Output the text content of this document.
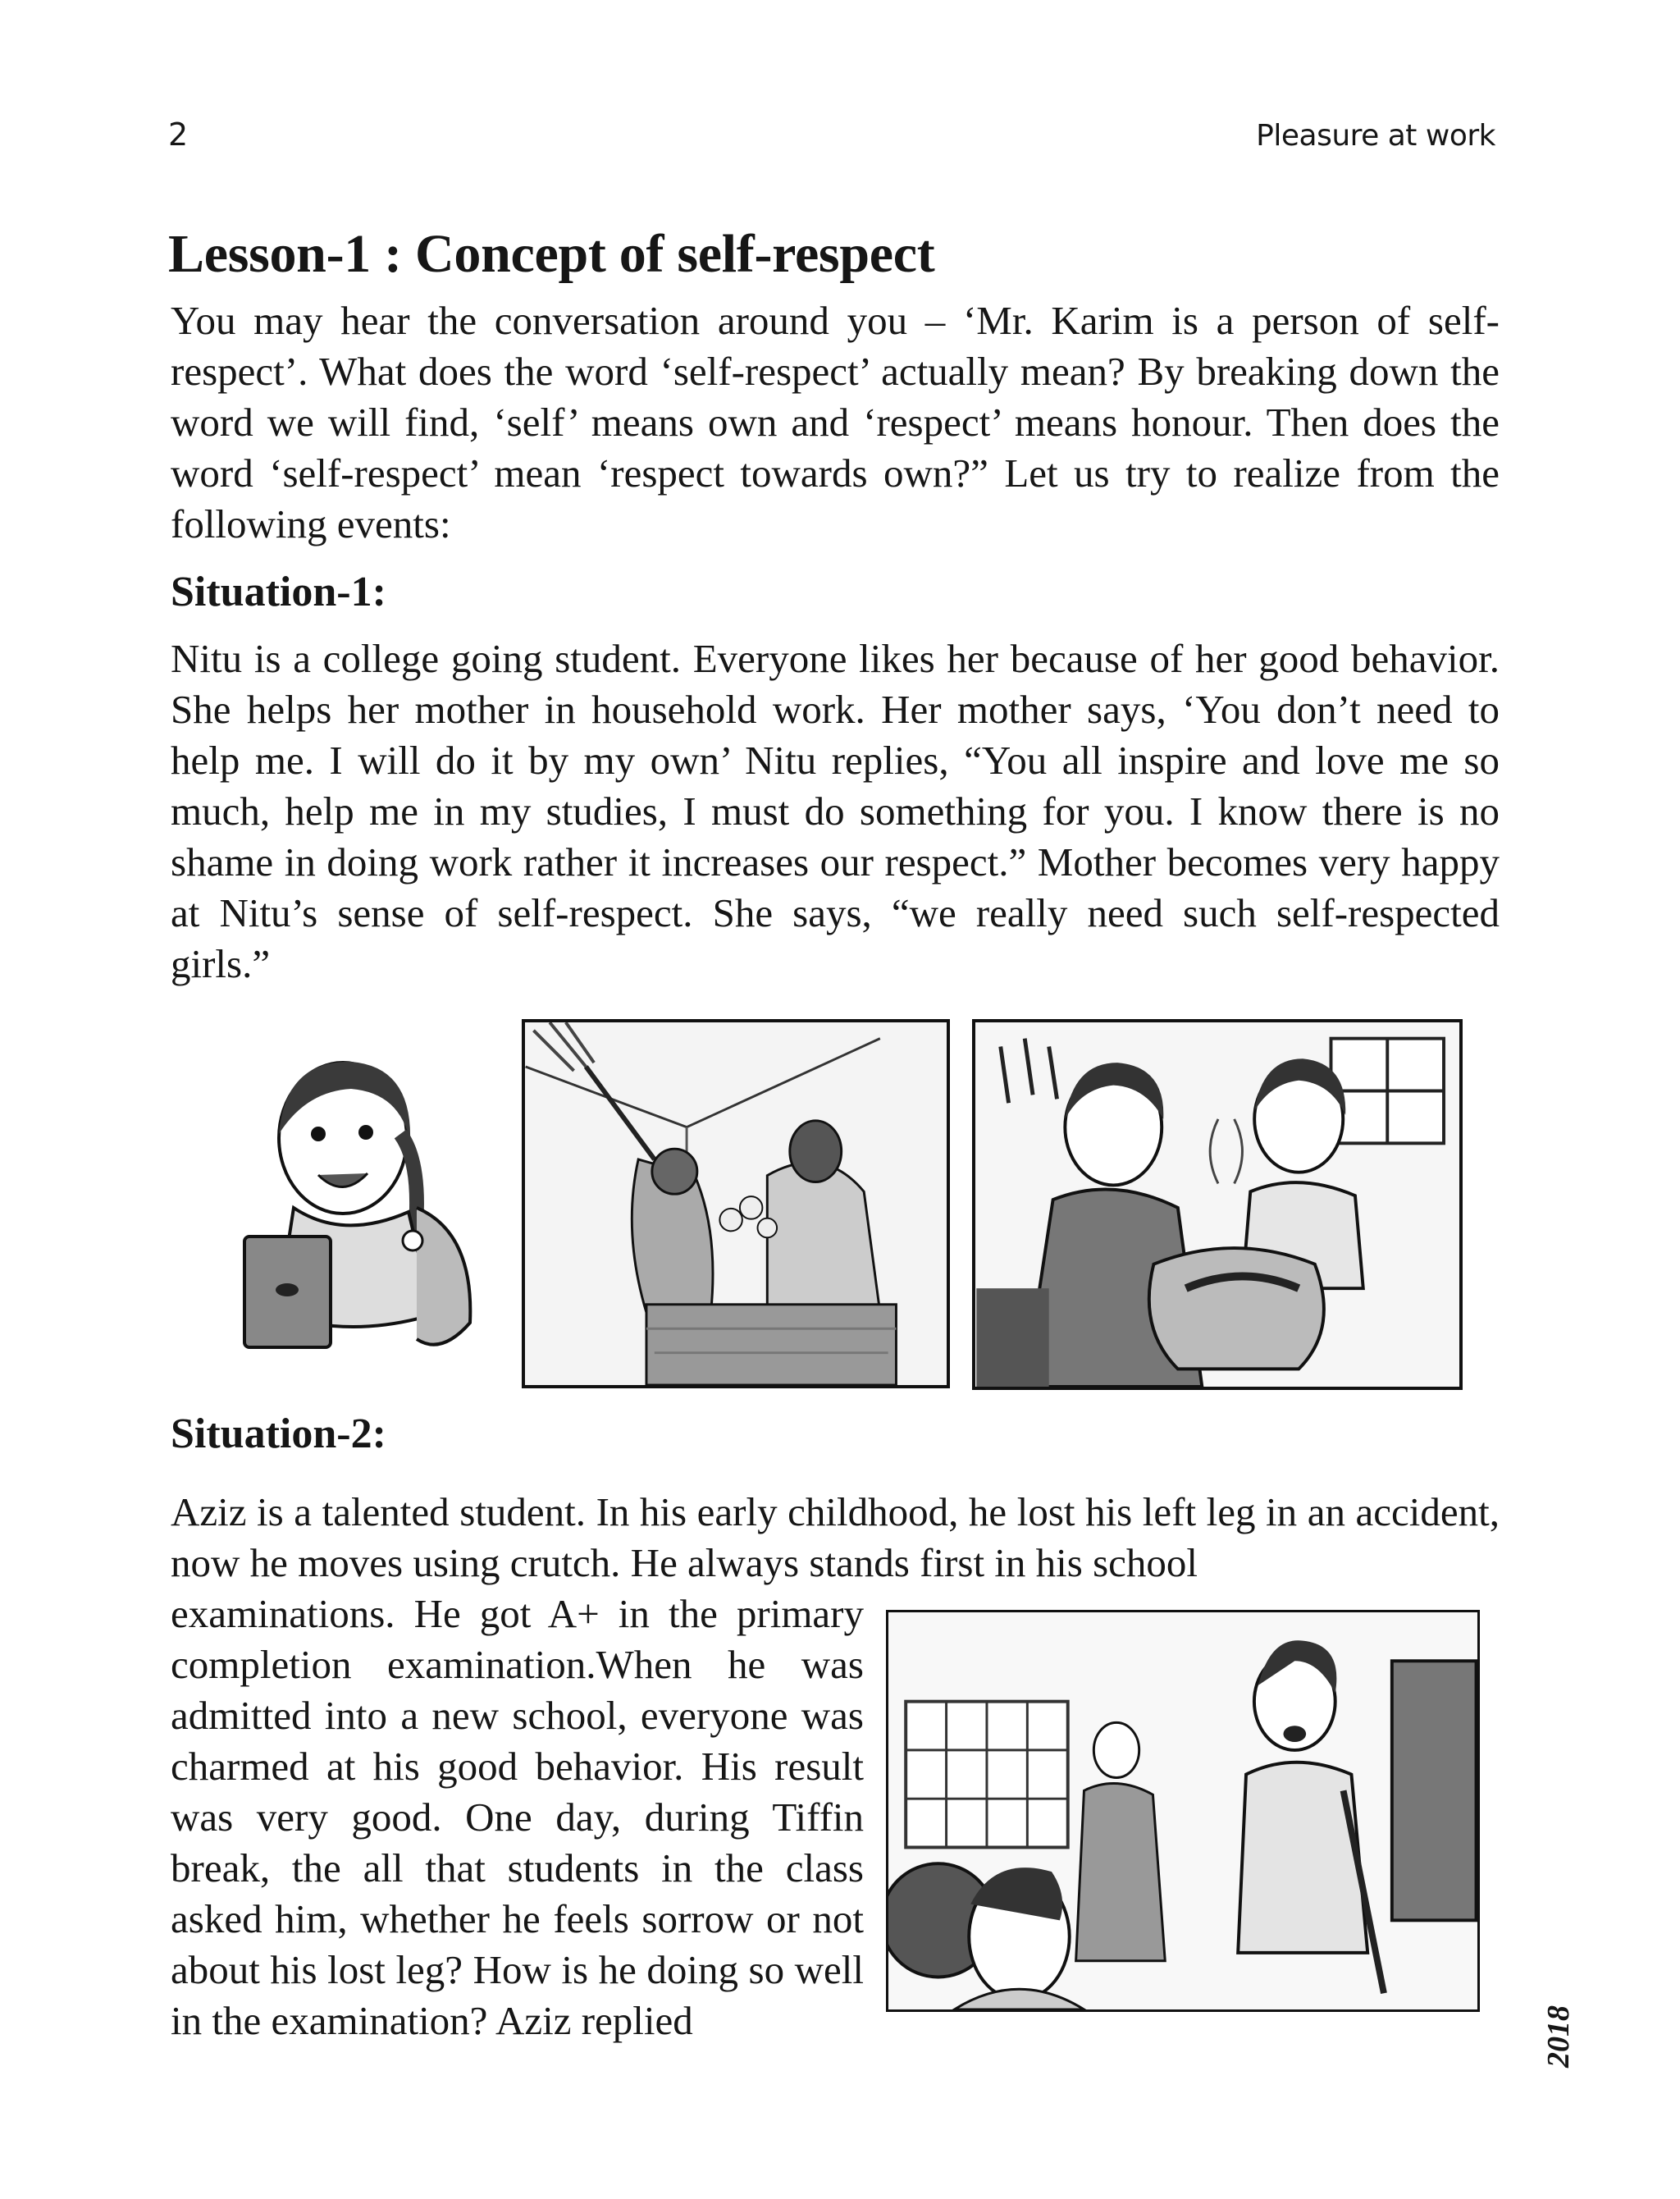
2	Pleasure at work
Lesson-1 : Concept of self-respect

You may hear the conversation around you – ‘Mr. Karim is a person of self-respect’. What does the word ‘self-respect’ actually mean? By breaking down the word we will find, ‘self’ means own and ‘respect’ means honour. Then does the word ‘self-respect’ mean ‘respect towards own?” Let us try to realize from the following events:

Situation-1:

Nitu is a college going student. Everyone likes her because of her good behavior. She helps her mother in household work. Her mother says, ‘You don’t need to help me. I will do it by my own’ Nitu replies, “You all inspire and love me so much, help me in my studies, I must do something for you. I know there is no shame in doing work rather it increases our respect.” Mother becomes very happy at Nitu’s sense of self-respect. She says, “we really need such self-respected girls.”

Situation-2:

Aziz is a talented student. In his early childhood, he lost his left leg in an accident, now he moves using crutch. He always stands first in his school

examinations. He got A+ in the primary completion examination.When he was admitted into a new school, everyone was charmed at his good behavior. His result was very good. One day, during Tiffin break, the all that students in the class asked him, whether he feels sorrow or not about his lost leg? How is he doing so well in the examination? Aziz replied	2018
